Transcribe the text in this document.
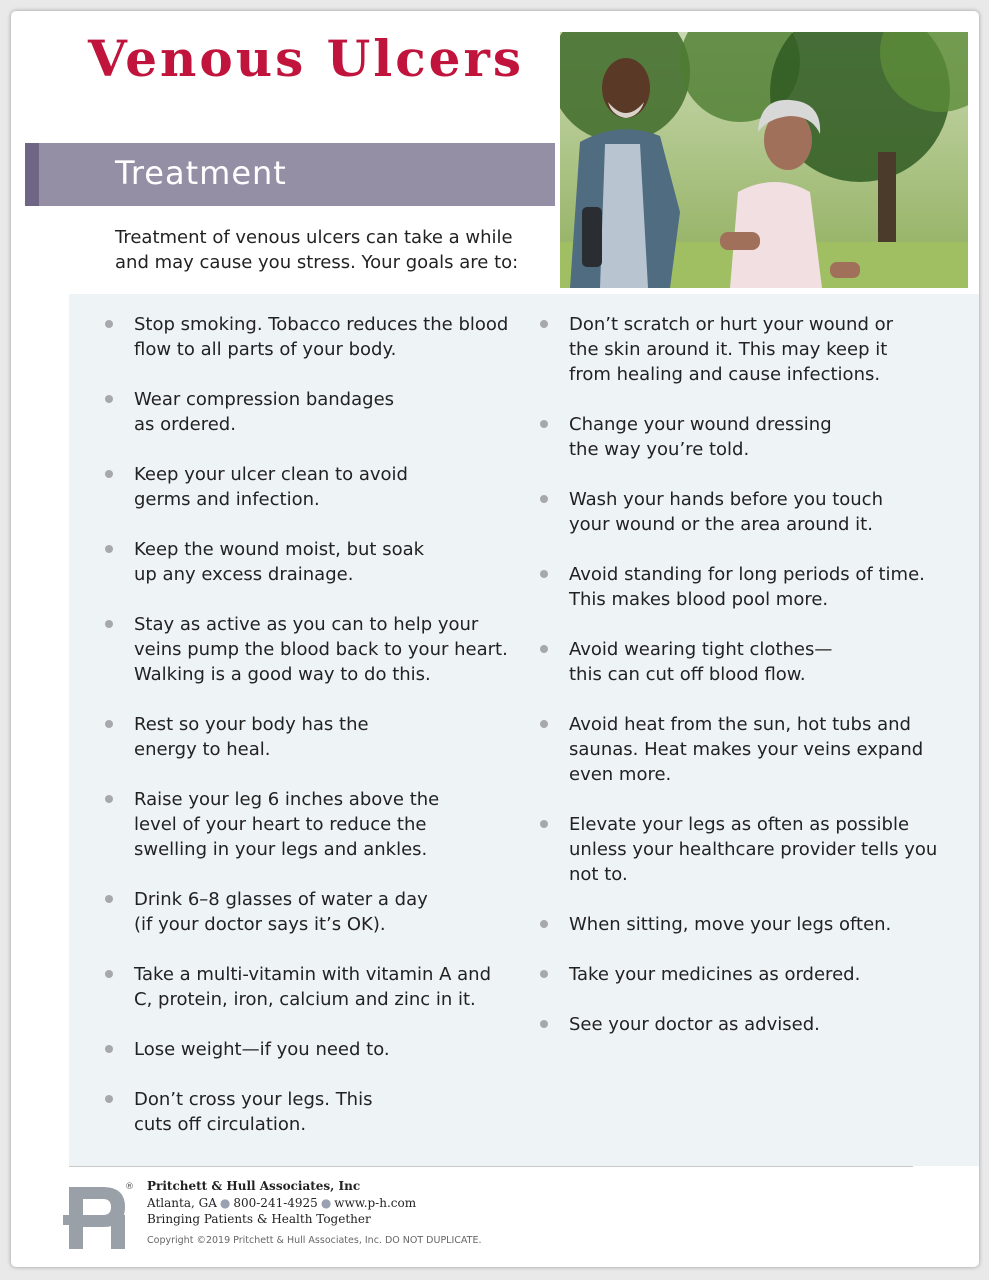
Venous Ulcers
Treatment

Treatment of venous ulcers can take a while and may cause you stress. Your goals are to:

Stop smoking. Tobacco reduces the blood flow to all parts of your body.
Wear compression bandages as ordered.
Keep your ulcer clean to avoid germs and infection.
Keep the wound moist, but soak up any excess drainage.
Stay as active as you can to help your veins pump the blood back to your heart. Walking is a good way to do this.
Rest so your body has the energy to heal.
Raise your leg 6 inches above the level of your heart to reduce the swelling in your legs and ankles.
Drink 6–8 glasses of water a day (if your doctor says it’s OK).
Take a multi-vitamin with vitamin A and C, protein, iron, calcium and zinc in it.
Lose weight—if you need to.
Don’t cross your legs. This cuts off circulation.
Don’t scratch or hurt your wound or the skin around it. This may keep it from healing and cause infections.
Change your wound dressing the way you’re told.
Wash your hands before you touch your wound or the area around it.
Avoid standing for long periods of time. This makes blood pool more.
Avoid wearing tight clothes— this can cut off blood flow.
Avoid heat from the sun, hot tubs and saunas. Heat makes your veins expand even more.
Elevate your legs as often as possible unless your healthcare provider tells you not to.
When sitting, move your legs often.
Take your medicines as ordered.
See your doctor as advised.
® Pritchett & Hull Associates, Inc
Atlanta, GA ● 800-241-4925 ● www.p-h.com
Bringing Patients & Health Together
Copyright ©2019 Pritchett & Hull Associates, Inc. DO NOT DUPLICATE.
